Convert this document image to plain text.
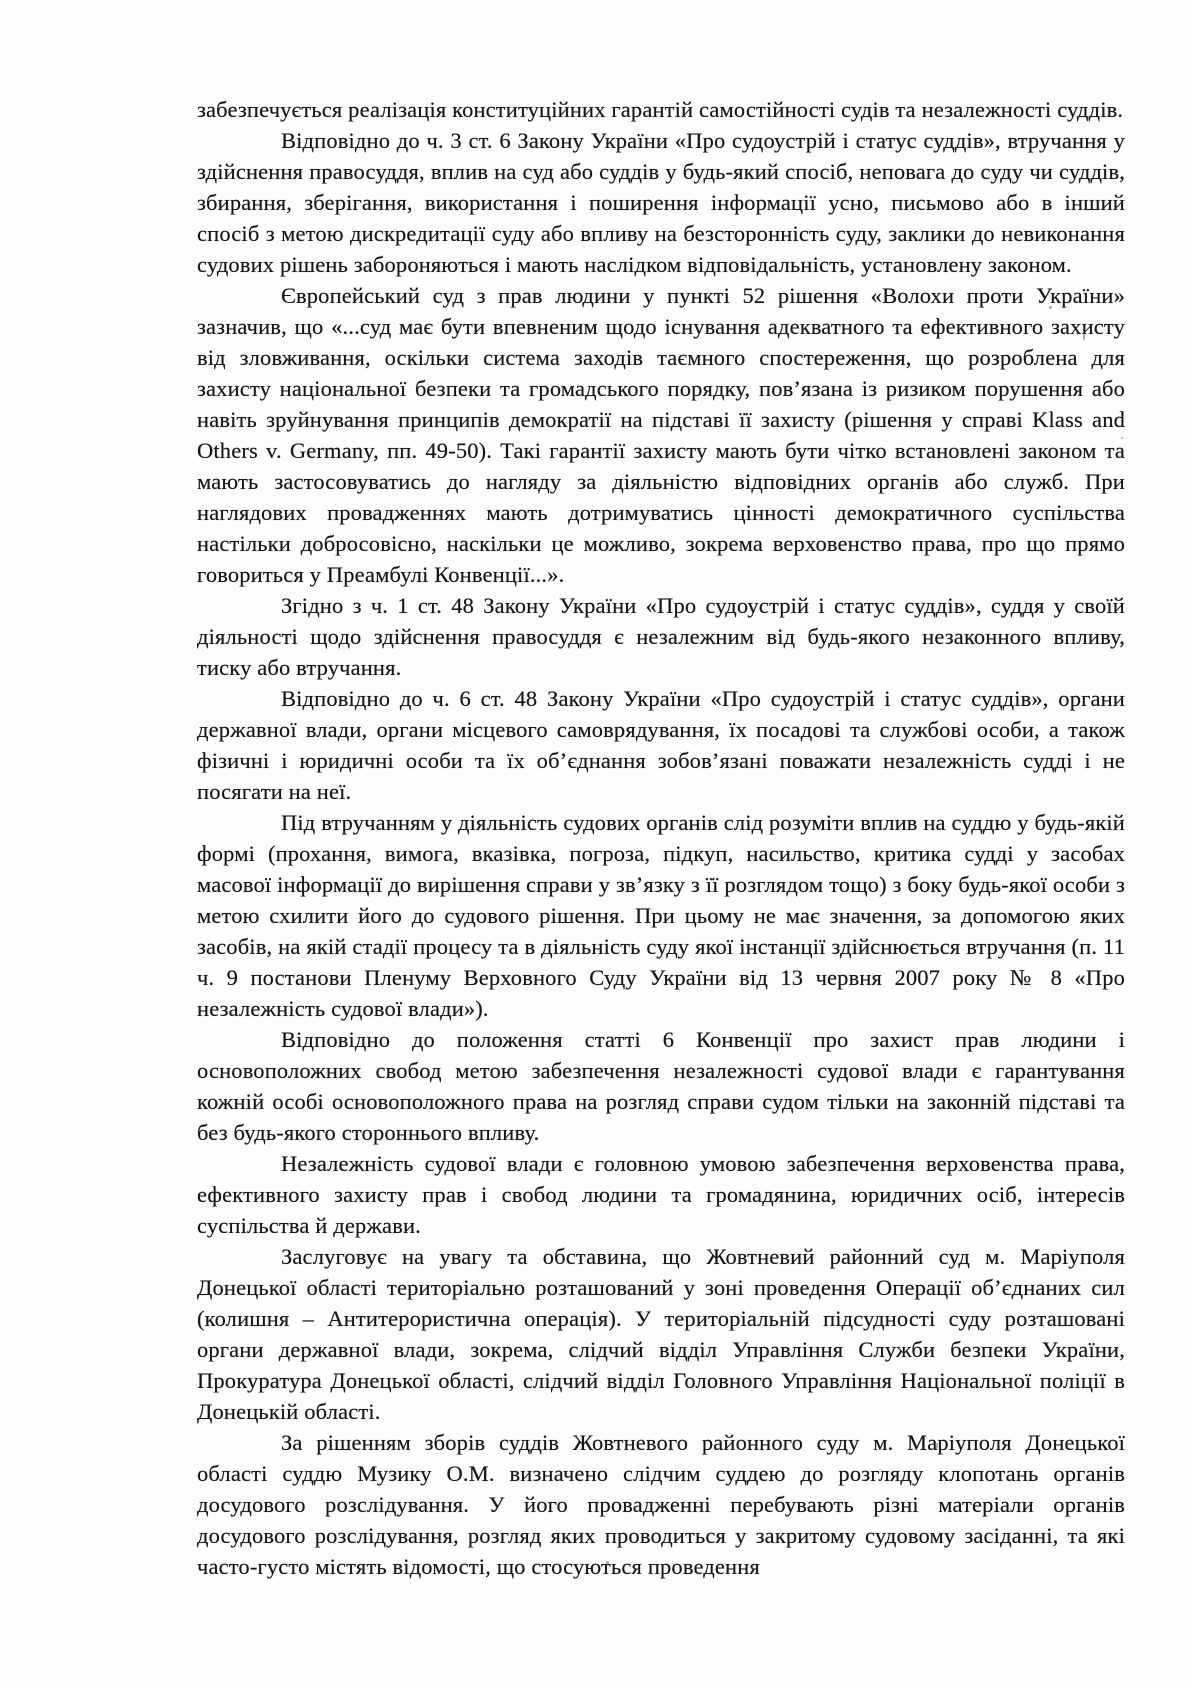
забезпечується реалізація конституційних гарантій самостійності судів та незалежності суддів.

Відповідно до ч. 3 ст. 6 Закону України «Про судоустрій і статус суддів», втручання у здійснення правосуддя, вплив на суд або суддів у будь-який спосіб, неповага до суду чи суддів, збирання, зберігання, використання і поширення інформації усно, письмово або в інший спосіб з метою дискредитації суду або впливу на безсторонність суду, заклики до невиконання судових рішень забороняються і мають наслідком відповідальність, установлену законом.

Європейський суд з прав людини у пункті 52 рішення «Волохи проти України» зазначив, що «...суд має бути впевненим щодо існування адекватного та ефективного захисту від зловживання, оскільки система заходів таємного спостереження, що розроблена для захисту національної безпеки та громадського порядку, пов’язана із ризиком порушення або навіть зруйнування принципів демократії на підставі її захисту (рішення у справі Klass and Others v. Germany, пп. 49-50). Такі гарантії захисту мають бути чітко встановлені законом та мають застосовуватись до нагляду за діяльністю відповідних органів або служб. При наглядових провадженнях мають дотримуватись цінності демократичного суспільства настільки добросовісно, наскільки це можливо, зокрема верховенство права, про що прямо говориться у Преамбулі Конвенції...».

Згідно з ч. 1 ст. 48 Закону України «Про судоустрій і статус суддів», суддя у своїй діяльності щодо здійснення правосуддя є незалежним від будь-якого незаконного впливу, тиску або втручання.

Відповідно до ч. 6 ст. 48 Закону України «Про судоустрій і статус суддів», органи державної влади, органи місцевого самоврядування, їх посадові та службові особи, а також фізичні і юридичні особи та їх об’єднання зобов’язані поважати незалежність судді і не посягати на неї.

Під втручанням у діяльність судових органів слід розуміти вплив на суддю у будь-якій формі (прохання, вимога, вказівка, погроза, підкуп, насильство, критика судді у засобах масової інформації до вирішення справи у зв’язку з її розглядом тощо) з боку будь-якої особи з метою схилити його до судового рішення. При цьому не має значення, за допомогою яких засобів, на якій стадії процесу та в діяльність суду якої інстанції здійснюється втручання (п. 11 ч. 9 постанови Пленуму Верховного Суду України від 13 червня 2007 року № 8 «Про незалежність судової влади»).

Відповідно до положення статті 6 Конвенції про захист прав людини і основоположних свобод метою забезпечення незалежності судової влади є гарантування кожній особі основоположного права на розгляд справи судом тільки на законній підставі та без будь-якого стороннього впливу.

Незалежність судової влади є головною умовою забезпечення верховенства права, ефективного захисту прав і свобод людини та громадянина, юридичних осіб, інтересів суспільства й держави.

Заслуговує на увагу та обставина, що Жовтневий районний суд м. Маріуполя Донецької області територіально розташований у зоні проведення Операції об’єднаних сил (колишня – Антитерористична операція). У територіальній підсудності суду розташовані органи державної влади, зокрема, слідчий відділ Управління Служби безпеки України, Прокуратура Донецької області, слідчий відділ Головного Управління Національної поліції в Донецькій області.

За рішенням зборів суддів Жовтневого районного суду м. Маріуполя Донецької області суддю Музику О.М. визначено слідчим суддею до розгляду клопотань органів досудового розслідування. У його провадженні перебувають різні матеріали органів досудового розслідування, розгляд яких проводиться у закритому судовому засіданні, та які часто-густо містять відомості, що стосуються проведення
